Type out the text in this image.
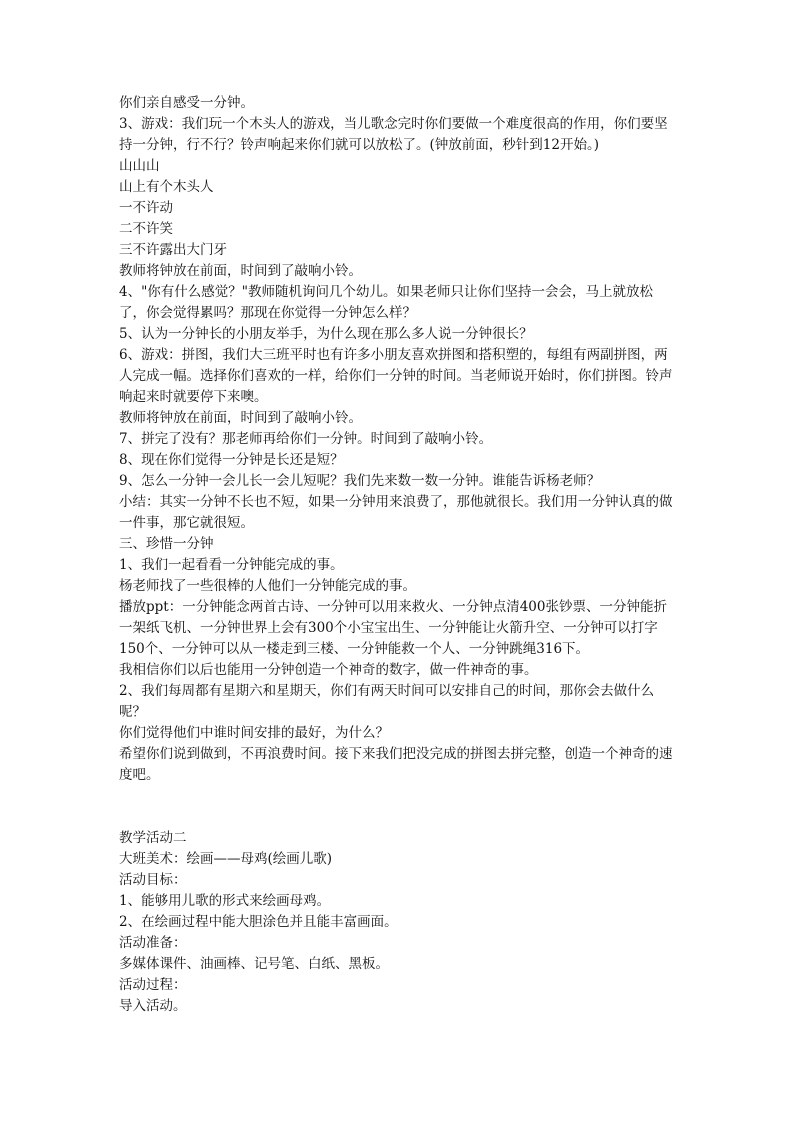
你们亲自感受一分钟。

3、游戏：我们玩一个木头人的游戏，当儿歌念完时你们要做一个难度很高的作用，你们要坚持一分钟，行不行？铃声响起来你们就可以放松了。(钟放前面，秒针到12开始。)

山山山

山上有个木头人

一不许动

二不许笑

三不许露出大门牙

教师将钟放在前面，时间到了敲响小铃。

4、"你有什么感觉？"教师随机询问几个幼儿。如果老师只让你们坚持一会会，马上就放松了，你会觉得累吗？那现在你觉得一分钟怎么样？

5、认为一分钟长的小朋友举手，为什么现在那么多人说一分钟很长？

6、游戏：拼图，我们大三班平时也有许多小朋友喜欢拼图和搭积塑的，每组有两副拼图，两人完成一幅。选择你们喜欢的一样，给你们一分钟的时间。当老师说开始时，你们拼图。铃声响起来时就要停下来噢。

教师将钟放在前面，时间到了敲响小铃。

7、拼完了没有？那老师再给你们一分钟。时间到了敲响小铃。

8、现在你们觉得一分钟是长还是短？

9、怎么一分钟一会儿长一会儿短呢？我们先来数一数一分钟。谁能告诉杨老师？

小结：其实一分钟不长也不短，如果一分钟用来浪费了，那他就很长。我们用一分钟认真的做一件事，那它就很短。

三、珍惜一分钟

1、我们一起看看一分钟能完成的事。

杨老师找了一些很棒的人他们一分钟能完成的事。

播放ppt：一分钟能念两首古诗、一分钟可以用来救火、一分钟点清400张钞票、一分钟能折一架纸飞机、一分钟世界上会有300个小宝宝出生、一分钟能让火箭升空、一分钟可以打字150个、一分钟可以从一楼走到三楼、一分钟能救一个人、一分钟跳绳316下。

我相信你们以后也能用一分钟创造一个神奇的数字，做一件神奇的事。

2、我们每周都有星期六和星期天，你们有两天时间可以安排自己的时间，那你会去做什么呢？

你们觉得他们中谁时间安排的最好，为什么？

希望你们说到做到，不再浪费时间。接下来我们把没完成的拼图去拼完整，创造一个神奇的速度吧。

教学活动二

大班美术：绘画——母鸡(绘画儿歌)

活动目标：

1、能够用儿歌的形式来绘画母鸡。

2、在绘画过程中能大胆涂色并且能丰富画面。

活动准备：

多媒体课件、油画棒、记号笔、白纸、黑板。

活动过程：

导入活动。
